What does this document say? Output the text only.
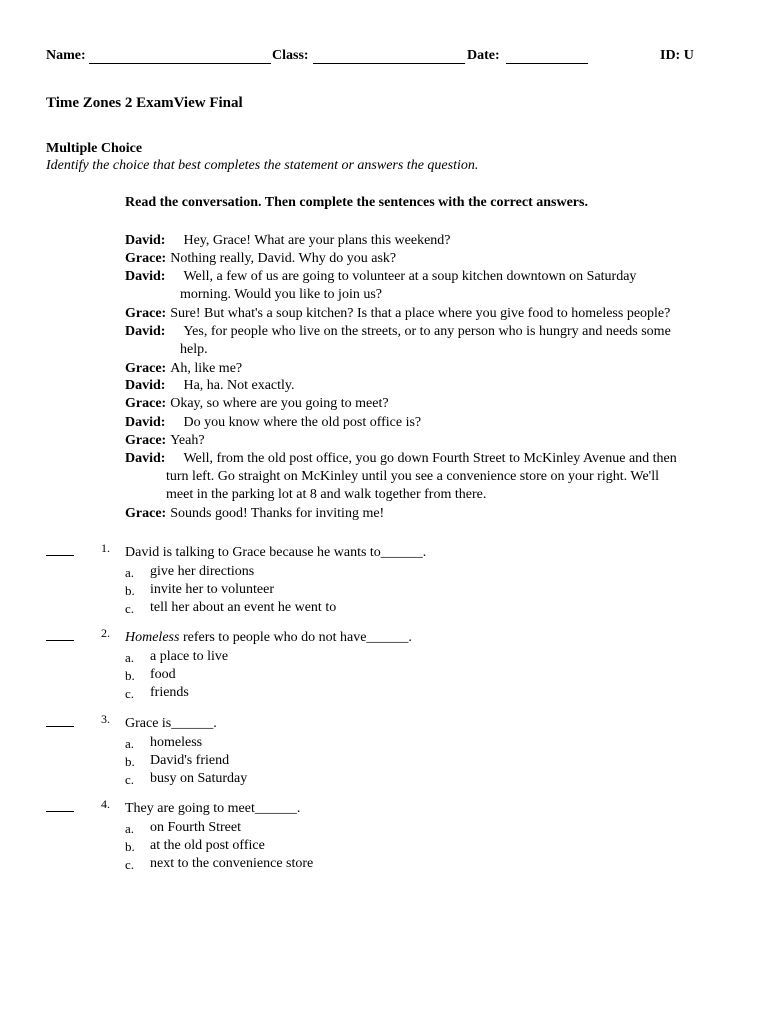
Name:	Class:	Date:	ID: U
Time Zones 2 ExamView Final
Multiple Choice
Identify the choice that best completes the statement or answers the question.
Read the conversation. Then complete the sentences with the correct answers.
David: Hey, Grace! What are your plans this weekend?
Grace: Nothing really, David. Why do you ask?
David: Well, a few of us are going to volunteer at a soup kitchen downtown on Saturday
morning. Would you like to join us?
Grace: Sure! But what's a soup kitchen? Is that a place where you give food to homeless people?
David: Yes, for people who live on the streets, or to any person who is hungry and needs some
help.
Grace: Ah, like me?
David: Ha, ha. Not exactly.
Grace: Okay, so where are you going to meet?
David: Do you know where the old post office is?
Grace: Yeah?
David: Well, from the old post office, you go down Fourth Street to McKinley Avenue and then
turn left. Go straight on McKinley until you see a convenience store on your right. We'll
meet in the parking lot at 8 and walk together from there.
Grace: Sounds good! Thanks for inviting me!
1. David is talking to Grace because he wants to______.
a. give her directions
b. invite her to volunteer
c. tell her about an event he went to
2. Homeless refers to people who do not have______.
a. a place to live
b. food
c. friends
3. Grace is______.
a. homeless
b. David's friend
c. busy on Saturday
4. They are going to meet______.
a. on Fourth Street
b. at the old post office
c. next to the convenience store
